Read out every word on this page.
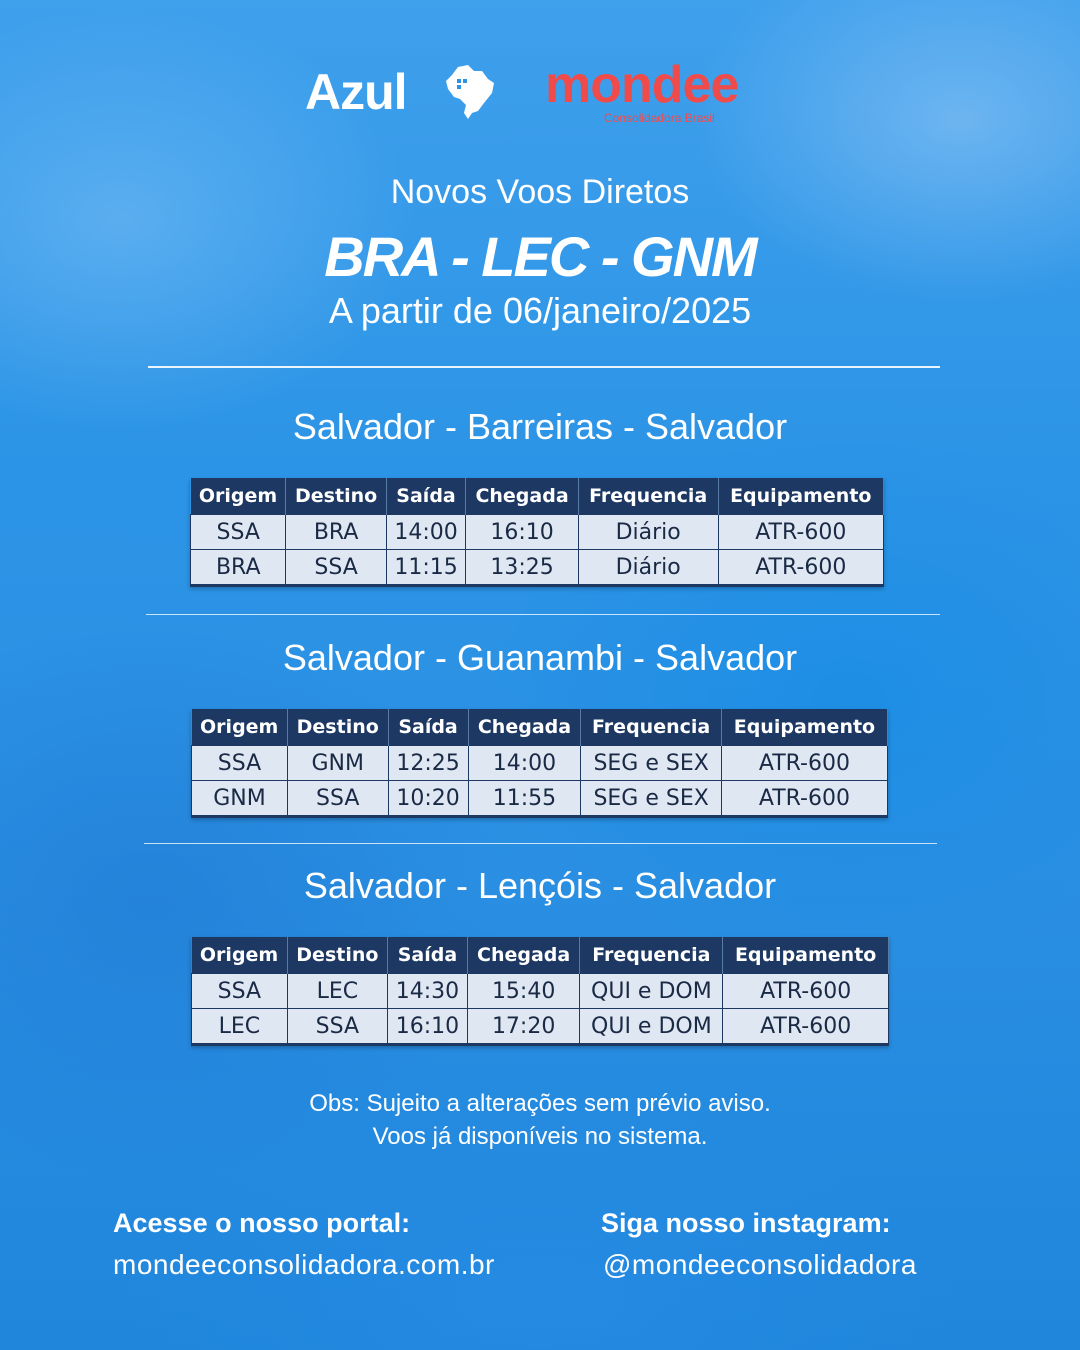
Azul	mondee
Consolidadora Brasil
Novos Voos Diretos
BRA - LEC - GNM
A partir de 06/janeiro/2025
Salvador - Barreiras - Salvador
Origem	Destino	Saída	Chegada	Frequencia	Equipamento
SSA	BRA	14:00	16:10	Diário	ATR-600
BRA	SSA	11:15	13:25	Diário	ATR-600
Salvador - Guanambi - Salvador
Origem	Destino	Saída	Chegada	Frequencia	Equipamento
SSA	GNM	12:25	14:00	SEG e SEX	ATR-600
GNM	SSA	10:20	11:55	SEG e SEX	ATR-600
Salvador - Lençóis - Salvador
Origem	Destino	Saída	Chegada	Frequencia	Equipamento
SSA	LEC	14:30	15:40	QUI e DOM	ATR-600
LEC	SSA	16:10	17:20	QUI e DOM	ATR-600
Obs: Sujeito a alterações sem prévio aviso.
Voos já disponíveis no sistema.
Acesse o nosso portal:
mondeeconsolidadora.com.br
Siga nosso instagram:
@mondeeconsolidadora
